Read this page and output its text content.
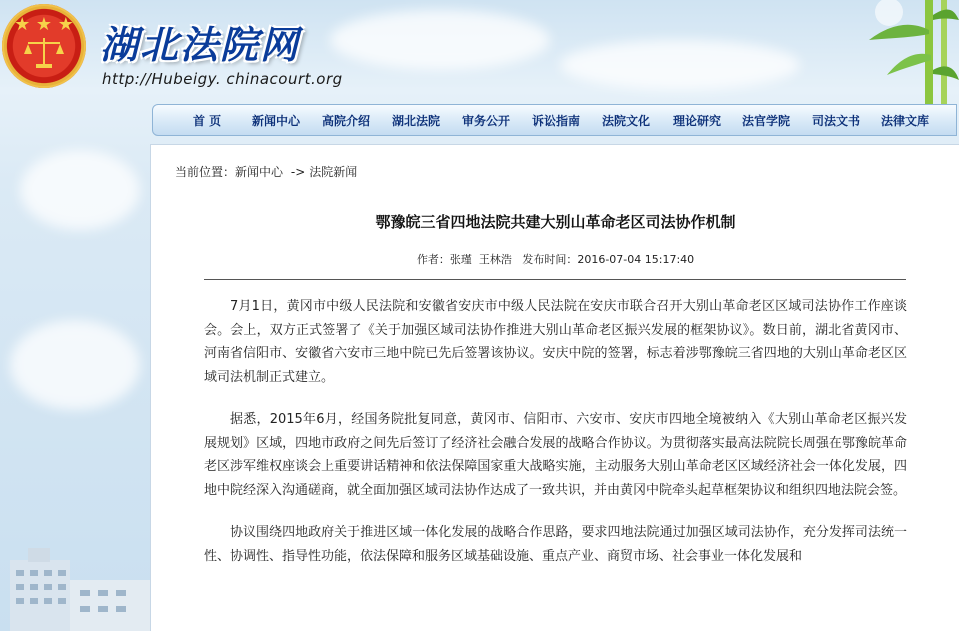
★ ★ ★ 湖北法院网
http://Hubeigy. chinacourt.org
首 页	新闻中心	高院介绍	湖北法院	审务公开	诉讼指南	法院文化	理论研究	法官学院	司法文书	法律文库
当前位置：新闻中心 -> 法院新闻
鄂豫皖三省四地法院共建大别山革命老区司法协作机制
作者：张瑾  王林浩   发布时间：2016-07-04 15:17:40

7月1日，黄冈市中级人民法院和安徽省安庆市中级人民法院在安庆市联合召开大别山革命老区区域司法协作工作座谈会。会上，双方正式签署了《关于加强区域司法协作推进大别山革命老区振兴发展的框架协议》。数日前，湖北省黄冈市、河南省信阳市、安徽省六安市三地中院已先后签署该协议。安庆中院的签署，标志着涉鄂豫皖三省四地的大别山革命老区区域司法机制正式建立。

据悉，2015年6月，经国务院批复同意，黄冈市、信阳市、六安市、安庆市四地全境被纳入《大别山革命老区振兴发展规划》区域，四地市政府之间先后签订了经济社会融合发展的战略合作协议。为贯彻落实最高法院院长周强在鄂豫皖革命老区涉军维权座谈会上重要讲话精神和依法保障国家重大战略实施，主动服务大别山革命老区区域经济社会一体化发展，四地中院经深入沟通磋商，就全面加强区域司法协作达成了一致共识，并由黄冈中院牵头起草框架协议和组织四地法院会签。

协议围绕四地政府关于推进区域一体化发展的战略合作思路，要求四地法院通过加强区域司法协作，充分发挥司法统一性、协调性、指导性功能，依法保障和服务区域基础设施、重点产业、商贸市场、社会事业一体化发展和
